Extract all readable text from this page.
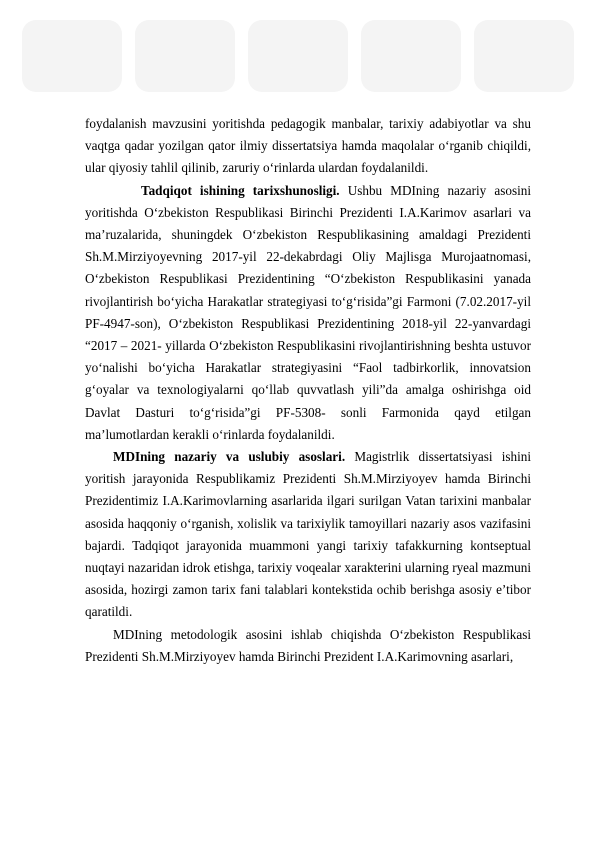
foydalanish mavzusini yoritishda pedagogik manbalar, tarixiy adabiyotlar va shu vaqtga qadar yozilgan qator ilmiy dissertatsiya hamda maqolalar o‘rganib chiqildi, ular qiyosiy tahlil qilinib, zaruriy o‘rinlarda ulardan foydalanildi.

Tadqiqot ishining tarixshunosligi. Ushbu MDIning nazariy asosini yoritishda O‘zbekiston Respublikasi Birinchi Prezidenti I.A.Karimov asarlari va ma’ruzalarida, shuningdek O‘zbekiston Respublikasining amaldagi Prezidenti Sh.M.Mirziyoyevning 2017-yil 22-dekabrdagi Oliy Majlisga Murojaatnomasi, O‘zbekiston Respublikasi Prezidentining “O‘zbekiston Respublikasini yanada rivojlantirish bo‘yicha Harakatlar strategiyasi to‘g‘risida”gi Farmoni (7.02.2017-yil PF-4947-son), O‘zbekiston Respublikasi Prezidentining 2018-yil 22-yanvardagi “2017 – 2021- yillarda O‘zbekiston Respublikasini rivojlantirishning beshta ustuvor yo‘nalishi bo‘yicha Harakatlar strategiyasini “Faol tadbirkorlik, innovatsion g‘oyalar va texnologiyalarni qo‘llab quvvatlash yili”da amalga oshirishga oid Davlat Dasturi to‘g‘risida”gi PF-5308- sonli Farmonida qayd etilgan ma’lumotlardan kerakli o‘rinlarda foydalanildi.

MDIning nazariy va uslubiy asoslari. Magistrlik dissertatsiyasi ishini yoritish jarayonida Respublikamiz Prezidenti Sh.M.Mirziyoyev hamda Birinchi Prezidentimiz I.A.Karimovlarning asarlarida ilgari surilgan Vatan tarixini manbalar asosida haqqoniy o‘rganish, xolislik va tarixiylik tamoyillari nazariy asos vazifasini bajardi. Tadqiqot jarayonida muammoni yangi tarixiy tafakkurning kontseptual nuqtayi nazaridan idrok etishga, tarixiy voqealar xarakterini ularning ryeal mazmuni asosida, hozirgi zamon tarix fani talablari kontekstida ochib berishga asosiy e’tibor qaratildi.

MDIning metodologik asosini ishlab chiqishda O‘zbekiston Respublikasi Prezidenti Sh.M.Mirziyoyev hamda Birinchi Prezident I.A.Karimovning asarlari,
